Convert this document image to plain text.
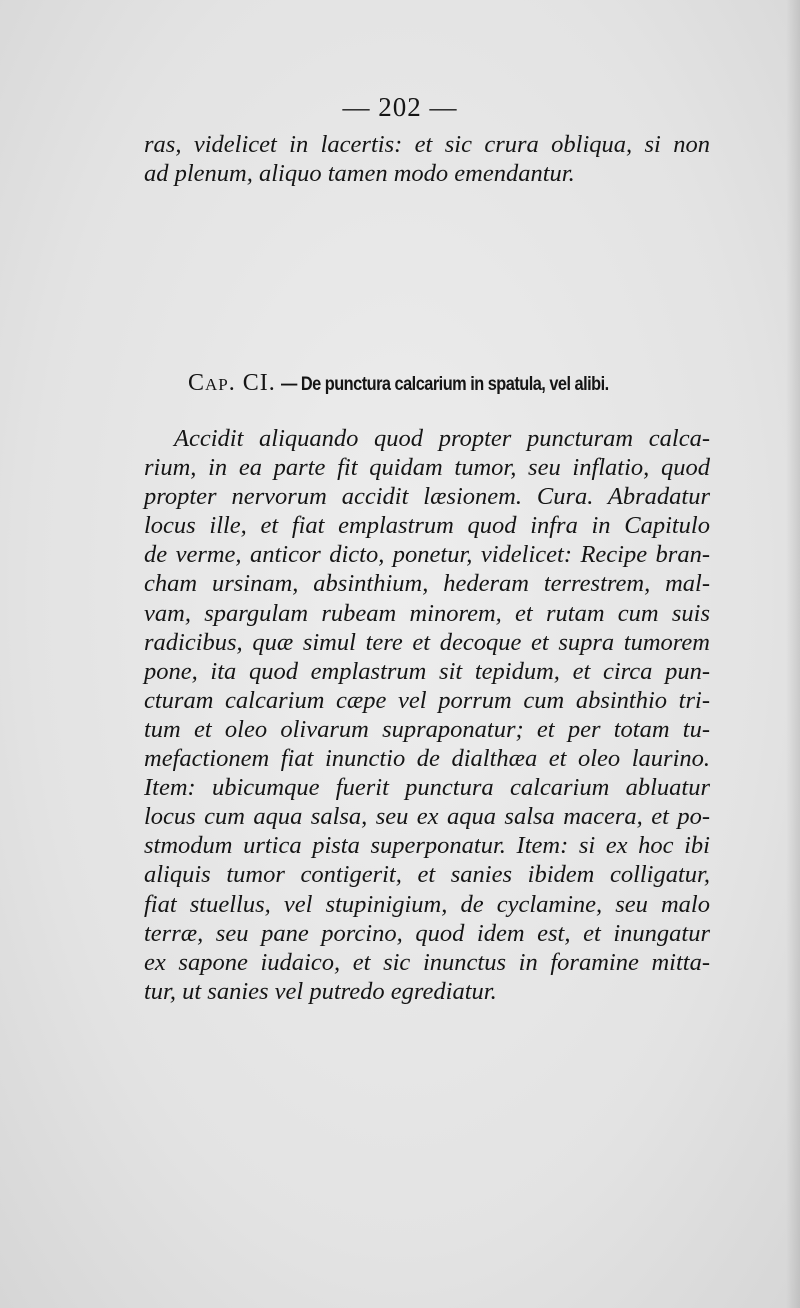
— 202 —
ras, videlicet in lacertis: et sic crura obliqua, si non
ad plenum, aliquo tamen modo emendantur.
Cap. CI. — De punctura calcarium in spatula, vel alibi.
Accidit aliquando quod propter puncturam calca-
rium, in ea parte fit quidam tumor, seu inflatio, quod
propter nervorum accidit læsionem. Cura. Abradatur
locus ille, et fiat emplastrum quod infra in Capitulo
de verme, anticor dicto, ponetur, videlicet: Recipe bran-
cham ursinam, absinthium, hederam terrestrem, mal-
vam, spargulam rubeam minorem, et rutam cum suis
radicibus, quæ simul tere et decoque et supra tumorem
pone, ita quod emplastrum sit tepidum, et circa pun-
cturam calcarium cæpe vel porrum cum absinthio tri-
tum et oleo olivarum supraponatur; et per totam tu-
mefactionem fiat inunctio de dialthæa et oleo laurino.
Item: ubicumque fuerit punctura calcarium abluatur
locus cum aqua salsa, seu ex aqua salsa macera, et po-
stmodum urtica pista superponatur. Item: si ex hoc ibi
aliquis tumor contigerit, et sanies ibidem colligatur,
fiat stuellus, vel stupinigium, de cyclamine, seu malo
terræ, seu pane porcino, quod idem est, et inungatur
ex sapone iudaico, et sic inunctus in foramine mitta-
tur, ut sanies vel putredo egrediatur.
